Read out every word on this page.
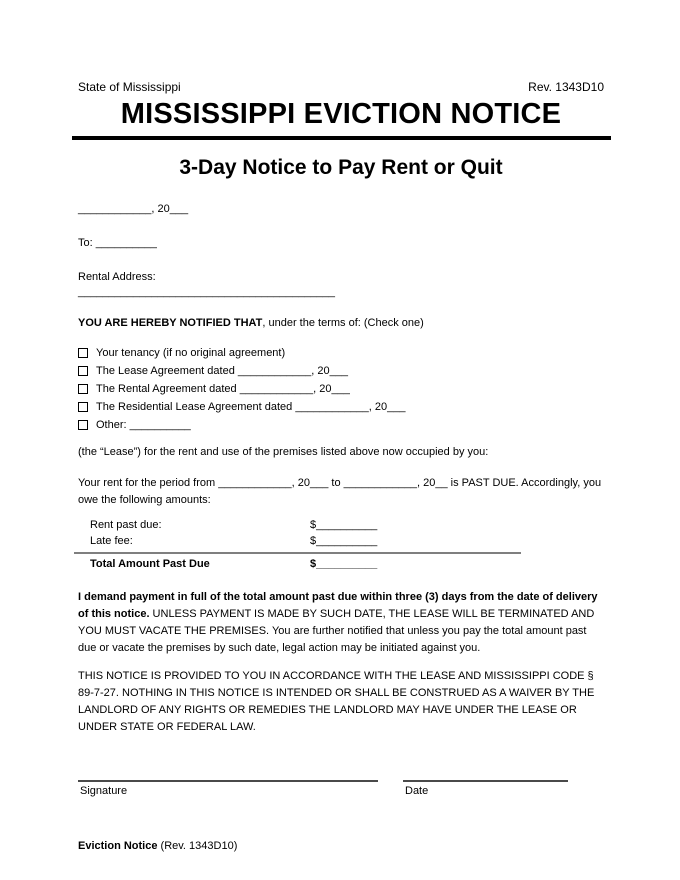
State of Mississippi	Rev. 1343D10
MISSISSIPPI EVICTION NOTICE
3-Day Notice to Pay Rent or Quit
____________, 20___
To: __________
Rental Address:
__________________________________________
YOU ARE HEREBY NOTIFIED THAT, under the terms of: (Check one)
Your tenancy (if no original agreement)
The Lease Agreement dated ____________, 20___
The Rental Agreement dated ____________, 20___
The Residential Lease Agreement dated ____________, 20___
Other: __________
(the “Lease”) for the rent and use of the premises listed above now occupied by you:
Your rent for the period from ____________, 20___ to ____________, 20__ is PAST DUE. Accordingly, you owe the following amounts:
Rent past due:	$__________
Late fee:	$__________
Total Amount Past Due	$__________
I demand payment in full of the total amount past due within three (3) days from the date of delivery of this notice. UNLESS PAYMENT IS MADE BY SUCH DATE, THE LEASE WILL BE TERMINATED AND YOU MUST VACATE THE PREMISES. You are further notified that unless you pay the total amount past due or vacate the premises by such date, legal action may be initiated against you.
THIS NOTICE IS PROVIDED TO YOU IN ACCORDANCE WITH THE LEASE AND MISSISSIPPI CODE § 89-7-27. NOTHING IN THIS NOTICE IS INTENDED OR SHALL BE CONSTRUED AS A WAIVER BY THE LANDLORD OF ANY RIGHTS OR REMEDIES THE LANDLORD MAY HAVE UNDER THE LEASE OR UNDER STATE OR FEDERAL LAW.
Signature	Date
Eviction Notice (Rev. 1343D10)
